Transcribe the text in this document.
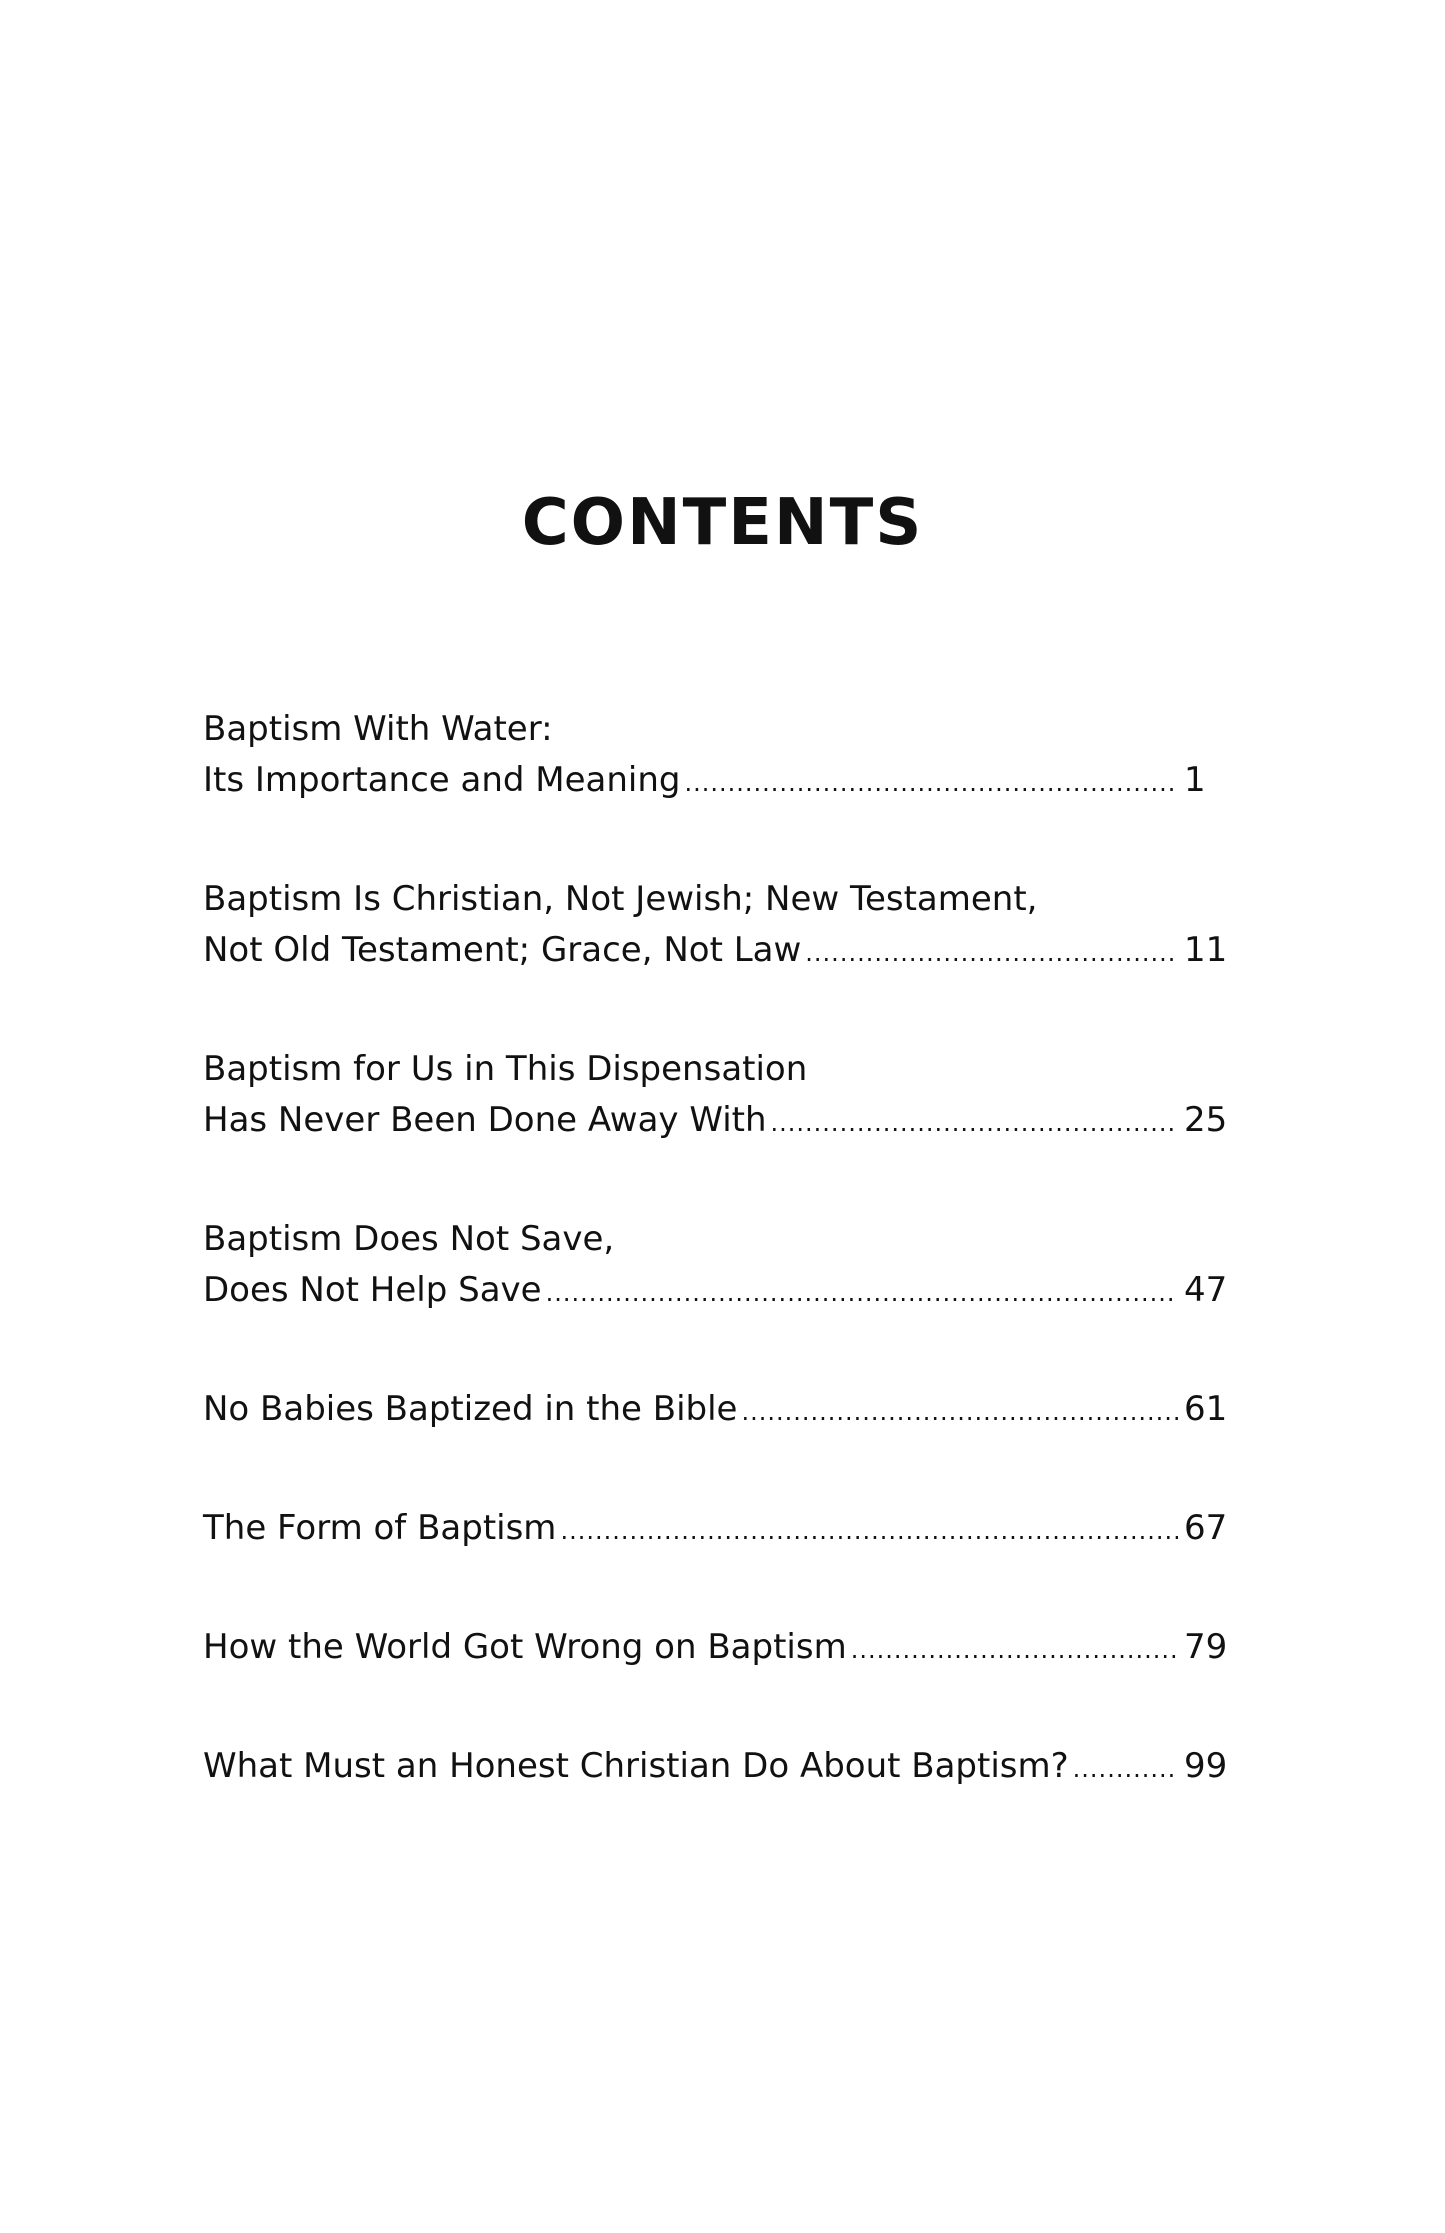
CONTENTS
Baptism With Water:
Its Importance and Meaning .....	1
Baptism Is Christian, Not Jewish; New Testament,
Not Old Testament; Grace, Not Law .....	11
Baptism for Us in This Dispensation
Has Never Been Done Away With .....	25
Baptism Does Not Save,
Does Not Help Save .....	47
No Babies Baptized in the Bible .....	61
The Form of Baptism .....	67
How the World Got Wrong on Baptism .....	79
What Must an Honest Christian Do About Baptism? .....	99
